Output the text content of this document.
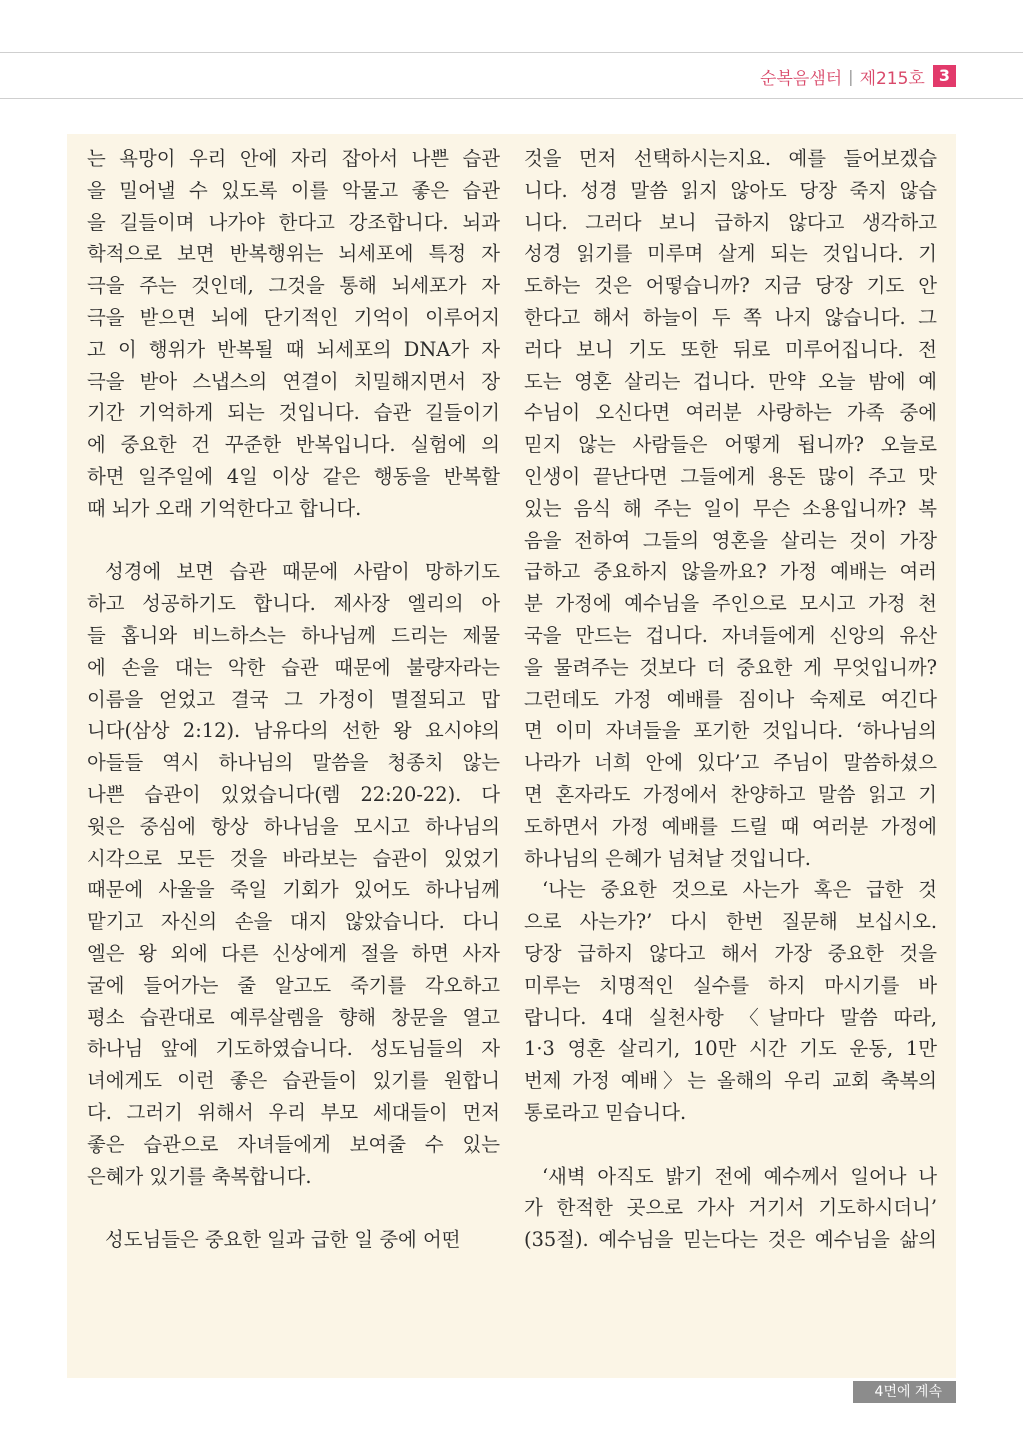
순복음샘터 | 제215호 3
는 욕망이 우리 안에 자리 잡아서 나쁜 습관
을 밀어낼 수 있도록 이를 악물고 좋은 습관
을 길들이며 나가야 한다고 강조합니다. 뇌과
학적으로 보면 반복행위는 뇌세포에 특정 자
극을 주는 것인데, 그것을 통해 뇌세포가 자
극을 받으면 뇌에 단기적인 기억이 이루어지
고 이 행위가 반복될 때 뇌세포의 DNA가 자
극을 받아 스냅스의 연결이 치밀해지면서 장
기간 기억하게 되는 것입니다. 습관 길들이기
에 중요한 건 꾸준한 반복입니다. 실험에 의
하면 일주일에 4일 이상 같은 행동을 반복할
때 뇌가 오래 기억한다고 합니다.
성경에 보면 습관 때문에 사람이 망하기도
하고 성공하기도 합니다. 제사장 엘리의 아
들 홉니와 비느하스는 하나님께 드리는 제물
에 손을 대는 악한 습관 때문에 불량자라는
이름을 얻었고 결국 그 가정이 멸절되고 맙
니다(삼상 2:12). 남유다의 선한 왕 요시야의
아들들 역시 하나님의 말씀을 청종치 않는
나쁜 습관이 있었습니다(렘 22:20-22). 다
윗은 중심에 항상 하나님을 모시고 하나님의
시각으로 모든 것을 바라보는 습관이 있었기
때문에 사울을 죽일 기회가 있어도 하나님께
맡기고 자신의 손을 대지 않았습니다. 다니
엘은 왕 외에 다른 신상에게 절을 하면 사자
굴에 들어가는 줄 알고도 죽기를 각오하고
평소 습관대로 예루살렘을 향해 창문을 열고
하나님 앞에 기도하였습니다. 성도님들의 자
녀에게도 이런 좋은 습관들이 있기를 원합니
다. 그러기 위해서 우리 부모 세대들이 먼저
좋은 습관으로 자녀들에게 보여줄 수 있는
은혜가 있기를 축복합니다.
성도님들은 중요한 일과 급한 일 중에 어떤
것을 먼저 선택하시는지요. 예를 들어보겠습
니다. 성경 말씀 읽지 않아도 당장 죽지 않습
니다. 그러다 보니 급하지 않다고 생각하고
성경 읽기를 미루며 살게 되는 것입니다. 기
도하는 것은 어떻습니까? 지금 당장 기도 안
한다고 해서 하늘이 두 쪽 나지 않습니다. 그
러다 보니 기도 또한 뒤로 미루어집니다. 전
도는 영혼 살리는 겁니다. 만약 오늘 밤에 예
수님이 오신다면 여러분 사랑하는 가족 중에
믿지 않는 사람들은 어떻게 됩니까? 오늘로
인생이 끝난다면 그들에게 용돈 많이 주고 맛
있는 음식 해 주는 일이 무슨 소용입니까? 복
음을 전하여 그들의 영혼을 살리는 것이 가장
급하고 중요하지 않을까요? 가정 예배는 여러
분 가정에 예수님을 주인으로 모시고 가정 천
국을 만드는 겁니다. 자녀들에게 신앙의 유산
을 물려주는 것보다 더 중요한 게 무엇입니까?
그런데도 가정 예배를 짐이나 숙제로 여긴다
면 이미 자녀들을 포기한 것입니다. ‘하나님의
나라가 너희 안에 있다’고 주님이 말씀하셨으
면 혼자라도 가정에서 찬양하고 말씀 읽고 기
도하면서 가정 예배를 드릴 때 여러분 가정에
하나님의 은혜가 넘쳐날 것입니다.
‘나는 중요한 것으로 사는가 혹은 급한 것
으로 사는가?’ 다시 한번 질문해 보십시오.
당장 급하지 않다고 해서 가장 중요한 것을
미루는 치명적인 실수를 하지 마시기를 바
랍니다. 4대 실천사항 〈날마다 말씀 따라,
1·3 영혼 살리기, 10만 시간 기도 운동, 1만
번제 가정 예배〉는 올해의 우리 교회 축복의
통로라고 믿습니다.
‘새벽 아직도 밝기 전에 예수께서 일어나 나
가 한적한 곳으로 가사 거기서 기도하시더니’
(35절). 예수님을 믿는다는 것은 예수님을 삶의
4면에 계속
